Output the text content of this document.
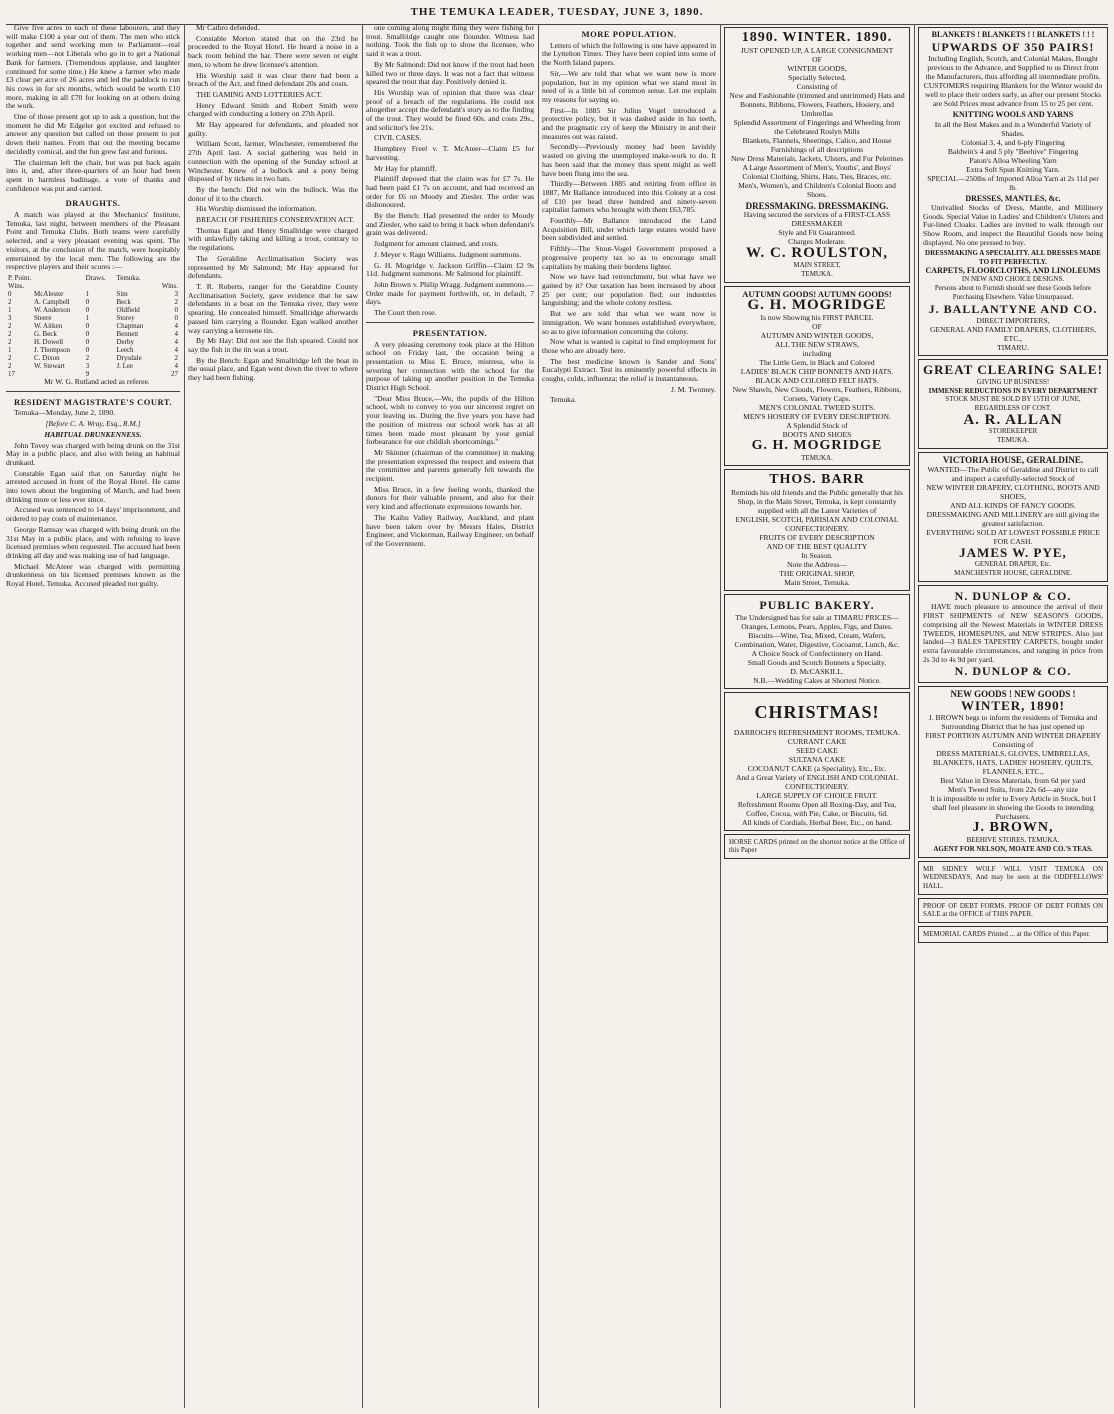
THE TEMUKA LEADER, TUESDAY, JUNE 3, 1890.

Give five acres to each of these labourers, and they will make £100 a year out of them. The men who stick together and send working men to Parliament—real working men—not Liberals who go in to get a National Bank for farmers. (Tremendous applause, and laughter continued for some time.) He knew a farmer who made £3 clear per acre of 26 acres and led the paddock to run his cows in for six months, which would be worth £10 more, making in all £70 for looking on at others doing the work.

One of those present got up to ask a question, but the moment he did Mr Edgeler got excited and refused to answer any question but called on those present to put down their names. From that out the meeting became decidedly comical, and the fun grew fast and furious.

The chairman left the chair, but was put back again into it, and, after three-quarters of an hour had been spent in harmless badinage, a vote of thanks and confidence was put and carried.

DRAUGHTS.

A match was played at the Mechanics' Institute, Temuka, last night, between members of the Pleasant Point and Temuka Clubs. Both teams were carefully selected, and a very pleasant evening was spent. The visitors, at the conclusion of the match, were hospitably entertained by the local men. The following are the respective players and their scores :—

P. Point.		Draws.	Temuka.	
Wins.				Wins.
0	McAlester	1	Sim	3
2	A. Campbell	0	Beck	2
1	W. Anderson	0	Oldfield	0
3	Steere	1	Storey	0
2	W. Aitken	0	Chapman	4
2	G. Beck	0	Bennett	4
2	H. Dowell	0	Derby	4
1	J. Thompson	0	Leech	4
2	C. Dixon	2	Drysdale	2
2	W. Stewart	3	J. Lee	4
17		9		27

Mr W. G. Rutland acted as referee.

RESIDENT MAGISTRATE'S COURT.

Temuka—Monday, June 2, 1890.

[Before C. A. Wray, Esq., R.M.]
HABITUAL DRUNKENNESS.

John Tovey was charged with being drunk on the 31st May in a public place, and also with being an habitual drunkard.

Constable Egan said that on Saturday night he arrested accused in front of the Royal Hotel. He came into town about the beginning of March, and had been drinking more or less ever since.

Accused was sentenced to 14 days' imprisonment, and ordered to pay costs of maintenance.

George Ramsay was charged with being drunk on the 31st May in a public place, and with refusing to leave licensed premises when requested. The accused had been drinking all day and was making use of bad language.

Michael McAteer was charged with permitting drunkenness on his licensed premises known as the Royal Hotel, Temuka. Accused pleaded not guilty.

Mr Cathro defended.

Constable Morton stated that on the 23rd he proceeded to the Royal Hotel. He heard a noise in a back room behind the bar. There were seven or eight men, to whom he drew licensee's attention.

His Worship said it was clear there had been a breach of the Act, and fined defendant 20s and costs.

THE GAMING AND LOTTERIES ACT.

Henry Edward Smith and Robert Smith were charged with conducting a lottery on 27th April.

Mr Hay appeared for defendants, and pleaded not guilty.

William Scott, farmer, Winchester, remembered the 27th April last. A social gathering was held in connection with the opening of the Sunday school at Winchester. Knew of a bullock and a pony being disposed of by tickets in two hats.

By the bench: Did not win the bullock. Was the donor of it to the church.

His Worship dismissed the information.

BREACH OF FISHERIES CONSERVATION ACT.

Thomas Egan and Henry Smallridge were charged with unlawfully taking and killing a trout, contrary to the regulations.

The Geraldine Acclimatisation Society was represented by Mr Salmond; Mr Hay appeared for defendants.

T. R. Roberts, ranger for the Geraldine County Acclimatisation Society, gave evidence that he saw defendants in a boat on the Temuka river, they were spearing. He concealed himself. Smallridge afterwards passed him carrying a flounder. Egan walked another way carrying a kerosene tin.

By Mr Hay: Did not see the fish speared. Could not say the fish in the tin was a trout.

By the Bench: Egan and Smallridge left the boat in the usual place, and Egan went down the river to where they had been fishing.

one coming along might thing they were fishing for trout. Smallridge caught one flounder. Witness had nothing. Took the fish up to show the licensee, who said it was a trout.

By Mr Salmond: Did not know if the trout had been killed two or three days. It was not a fact that witness speared the trout that day. Positively denied it.

His Worship was of opinion that there was clear proof of a breach of the regulations. He could not altogether accept the defendant's story as to the finding of the trout. They would be fined 60s. and costs 29s., and solicitor's fee 21s.

CIVIL CASES.

Humphrey Freel v. T. McAteer—Claim £5 for harvesting.

Mr Hay for plaintiff.

Plaintiff deposed that the claim was for £7 7s. He had been paid £1 7s on account, and had received an order for £6 on Moody and Ziesler. The order was dishonoured.

By the Bench: Had presented the order to Moody and Ziesler, who said to bring it back when defendant's grain was delivered.

Judgment for amount claimed, and costs.

J. Meyer v. Ragu Williams. Judgment summons.

G. H. Mogridge v. Jackson Griffin—Claim £2 9s 11d. Judgment summons. Mr Salmond for plaintiff.

John Brown v. Philip Wragg. Judgment summons.—Order made for payment forthwith, or, in default, 7 days.

The Court then rose.

PRESENTATION.

A very pleasing ceremony took place at the Hilton school on Friday last, the occasion being a presentation to Miss E. Bruce, mistress, who is severing her connection with the school for the purpose of taking up another position in the Temuka District High School.

"Dear Miss Bruce,—We, the pupils of the Hilton school, wish to convey to you our sincerest regret on your leaving us. During the five years you have had the position of mistress our school work has at all times been made most pleasant by your genial forbearance for our childish shortcomings."

Mr Skinner (chairman of the committee) in making the presentation expressed the respect and esteem that the committee and parents generally felt towards the recipient.

Miss Bruce, in a few feeling words, thanked the donors for their valuable present, and also for their very kind and affectionate expressions towards her.

The Kaihu Valley Railway, Auckland, and plant have been taken over by Messrs Hales, District Engineer, and Vickerman, Railway Engineer, on behalf of the Government.

MORE POPULATION.

Letters of which the following is one have appeared in the Lyttelton Times. They have been copied into some of the North Island papers.

Sir,—We are told that what we want now is more population, but in my opinion what we stand most in need of is a little bit of common sense. Let me explain my reasons for saying so.

First—In 1885 Sir Julius Vogel introduced a protective policy, but it was dashed aside in his teeth, and the pragmatic cry of keep the Ministry in and their measures out was raised.

Secondly—Previously money had been lavishly wasted on giving the unemployed make-work to do. It has been said that the money thus spent might as well have been flung into the sea.

Thirdly—Between 1885 and retiring from office in 1887, Mr Ballance introduced into this Colony at a cost of £10 per head three hundred and ninety-seven capitalist farmers who brought with them £63,785.

Fourthly—Mr Ballance introduced the Land Acquisition Bill, under which large estates would have been subdivided and settled.

Fifthly—The Stout-Vogel Government proposed a progressive property tax so as to encourage small capitalists by making their burdens lighter.

Now we have had retrenchment, but what have we gained by it? Our taxation has been increased by about 25 per cent; our population fled; our industries languishing; and the whole colony restless.

But we are told that what we want now is immigration. We want bonuses established everywhere, so as to give information concerning the colony.

Now what is wanted is capital to find employment for those who are already here.

The best medicine known is Sander and Sons' Eucalypti Extract. Test its eminently powerful effects in coughs, colds, influenza; the relief is instantaneous.

J. M. Twomey.

Temuka.

1890. WINTER. 1890.
JUST OPENED UP, A LARGE CONSIGNMENT
OF
WINTER GOODS,
Specially Selected,
Consisting of
New and Fashionable (trimmed and untrimmed) Hats and Bonnets, Ribbons, Flowers, Feathers, Hosiery, and Umbrellas
Splendid Assortment of Fingerings and Wheeling from the Celebrated Roslyn Mills
Blankets, Flannels, Sheetings, Calico, and House Furnishings of all descriptions
New Dress Materials, Jackets, Ulsters, and Fur Pelerines
A Large Assortment of Men's, Youths', and Boys' Colonial Clothing, Shirts, Hats, Ties, Braces, etc.
Men's, Women's, and Children's Colonial Boots and Shoes.
DRESSMAKING. DRESSMAKING.
Having secured the services of a FIRST-CLASS DRESSMAKER
Style and Fit Guaranteed.
Charges Moderate.
W. C. ROULSTON,
MAIN STREET,
TEMUKA.
AUTUMN GOODS! AUTUMN GOODS!
G. H. MOGRIDGE
Is now Showing his FIRST PARCEL
OF
AUTUMN AND WINTER GOODS,
ALL THE NEW STRAWS,
including
The Little Gem, in Black and Colored
LADIES' BLACK CHIP BONNETS AND HATS.
BLACK AND COLORED FELT HATS.
New Shawls, New Clouds, Flowers, Feathers, Ribbons, Corsets, Variety Caps.
MEN'S COLONIAL TWEED SUITS.
MEN'S HOSIERY OF EVERY DESCRIPTION.
A Splendid Stock of
BOOTS AND SHOES
G. H. MOGRIDGE
TEMUKA.
THOS. BARR
Reminds his old friends and the Public generally that his Shop, in the Main Street, Temuka, is kept constantly supplied with all the Latest Varieties of
ENGLISH, SCOTCH, PARISIAN AND COLONIAL CONFECTIONERY.
FRUITS OF EVERY DESCRIPTION
AND OF THE BEST QUALITY
In Season.
Note the Address—
THE ORIGINAL SHOP,
Main Street, Temuka.
PUBLIC BAKERY.
The Undersigned has for sale at TIMARU PRICES—
Oranges, Lemons, Pears, Apples, Figs, and Dates.
Biscuits—Wine, Tea, Mixed, Cream, Wafers, Combination, Water, Digestive, Cocoanut, Lunch, &c.
A Choice Stock of Confectionery on Hand.
Small Goods and Scotch Bonnets a Specialty.
D. McCASKILL.
N.B.—Wedding Cakes at Shortest Notice.
CHRISTMAS!
DARROCH'S REFRESHMENT ROOMS, TEMUKA.
CURRANT CAKE
SEED CAKE
SULTANA CAKE
COCOANUT CAKE (a Speciality), Etc., Etc.
And a Great Variety of ENGLISH AND COLONIAL CONFECTIONERY.
LARGE SUPPLY OF CHOICE FRUIT.
Refreshment Rooms Open all Boxing-Day, and Tea, Coffee, Cocoa, with Pie, Cake, or Biscuits, 6d.
All kinds of Cordials, Herbal Beer, Etc., on hand.
HORSE CARDS printed on the shortest notice at the Office of this Paper
BLANKETS ! BLANKETS ! ! BLANKETS ! ! !
UPWARDS OF 350 PAIRS!
Including English, Scotch, and Colonial Makes, Bought previous to the Advance, and Supplied to us Direct from the Manufacturers, thus affording all intermediate profits.
CUSTOMERS requiring Blankets for the Winter would do well to place their orders early, as after our present Stocks are Sold Prices must advance from 15 to 25 per cent.
KNITTING WOOLS AND YARNS
In all the Best Makes and in a Wonderful Variety of Shades.
Colonial 3, 4, and 6-ply Fingering
Baldwin's 4 and 5 ply "Beehive" Fingering
Paton's Alloa Wheeling Yarn
Extra Soft Spun Knitting Yarn.
SPECIAL—250lbs of Imported Alloa Yarn at 2s 11d per lb.
DRESSES, MANTLES, &c.

Unrivalled Stocks of Dress, Mantle, and Millinery Goods. Special Value in Ladies' and Children's Ulsters and Fur-lined Cloaks. Ladies are invited to walk through our Show Room, and inspect the Beautiful Goods now being displayed. No one pressed to buy.

DRESSMAKING A SPECIALITY. ALL DRESSES MADE TO FIT PERFECTLY.
CARPETS, FLOORCLOTHS, AND LINOLEUMS
IN NEW AND CHOICE DESIGNS.
Persons about to Furnish should see these Goods before Purchasing Elsewhere. Value Unsurpassed.
J. BALLANTYNE AND CO.
DIRECT IMPORTERS,
GENERAL AND FAMILY DRAPERS, CLOTHIERS, ETC.,
TIMARU.
GREAT CLEARING SALE!
GIVING UP BUSINESS!
IMMENSE REDUCTIONS IN EVERY DEPARTMENT
STOCK MUST BE SOLD BY 15TH OF JUNE, REGARDLESS OF COST.
A. R. ALLAN
STOREKEEPER
TEMUKA.
VICTORIA HOUSE, GERALDINE.
WANTED—The Public of Geraldine and District to call and inspect a carefully-selected Stock of
NEW WINTER DRAPERY, CLOTHING, BOOTS AND SHOES,
AND ALL KINDS OF FANCY GOODS.
DRESSMAKING AND MILLINERY are still giving the greatest satisfaction.
EVERYTHING SOLD AT LOWEST POSSIBLE PRICE FOR CASH.
JAMES W. PYE,
GENERAL DRAPER, Etc.
MANCHESTER HOUSE, GERALDINE.
N. DUNLOP & CO.

HAVE much pleasure to announce the arrival of their FIRST SHIPMENTS of NEW SEASON'S GOODS, comprising all the Newest Materials in WINTER DRESS TWEEDS, HOMESPUNS, and NEW STRIPES. Also just landed—3 BALES TAPESTRY CARPETS, bought under extra favourable circumstances, and ranging in price from 2s 3d to 4s 9d per yard.

N. DUNLOP & CO.
NEW GOODS ! NEW GOODS !
WINTER, 1890!
J. BROWN begs to inform the residents of Temuka and Surrounding District that he has just opened up
FIRST PORTION AUTUMN AND WINTER DRAPERY
Consisting of
DRESS MATERIALS, GLOVES, UMBRELLAS, BLANKETS, HATS, LADIES' HOSIERY, QUILTS, FLANNELS, ETC.,
Best Value in Dress Materials, from 6d per yard
Men's Tweed Suits, from 22s 6d—any size
It is impossible to refer to Every Article in Stock, but I shall feel pleasure in showing the Goods to intending Purchasers.
J. BROWN,
BEEHIVE STORES, TEMUKA.
AGENT FOR NELSON, MOATE AND CO.'S TEAS.
MR SIDNEY WOLF WILL VISIT TEMUKA ON WEDNESDAYS, And may be seen at the ODDFELLOWS' HALL.
PROOF OF DEBT FORMS. PROOF OF DEBT FORMS ON SALE at the OFFICE of THIS PAPER.
MEMORIAL CARDS Printed ... at the Office of this Paper.
